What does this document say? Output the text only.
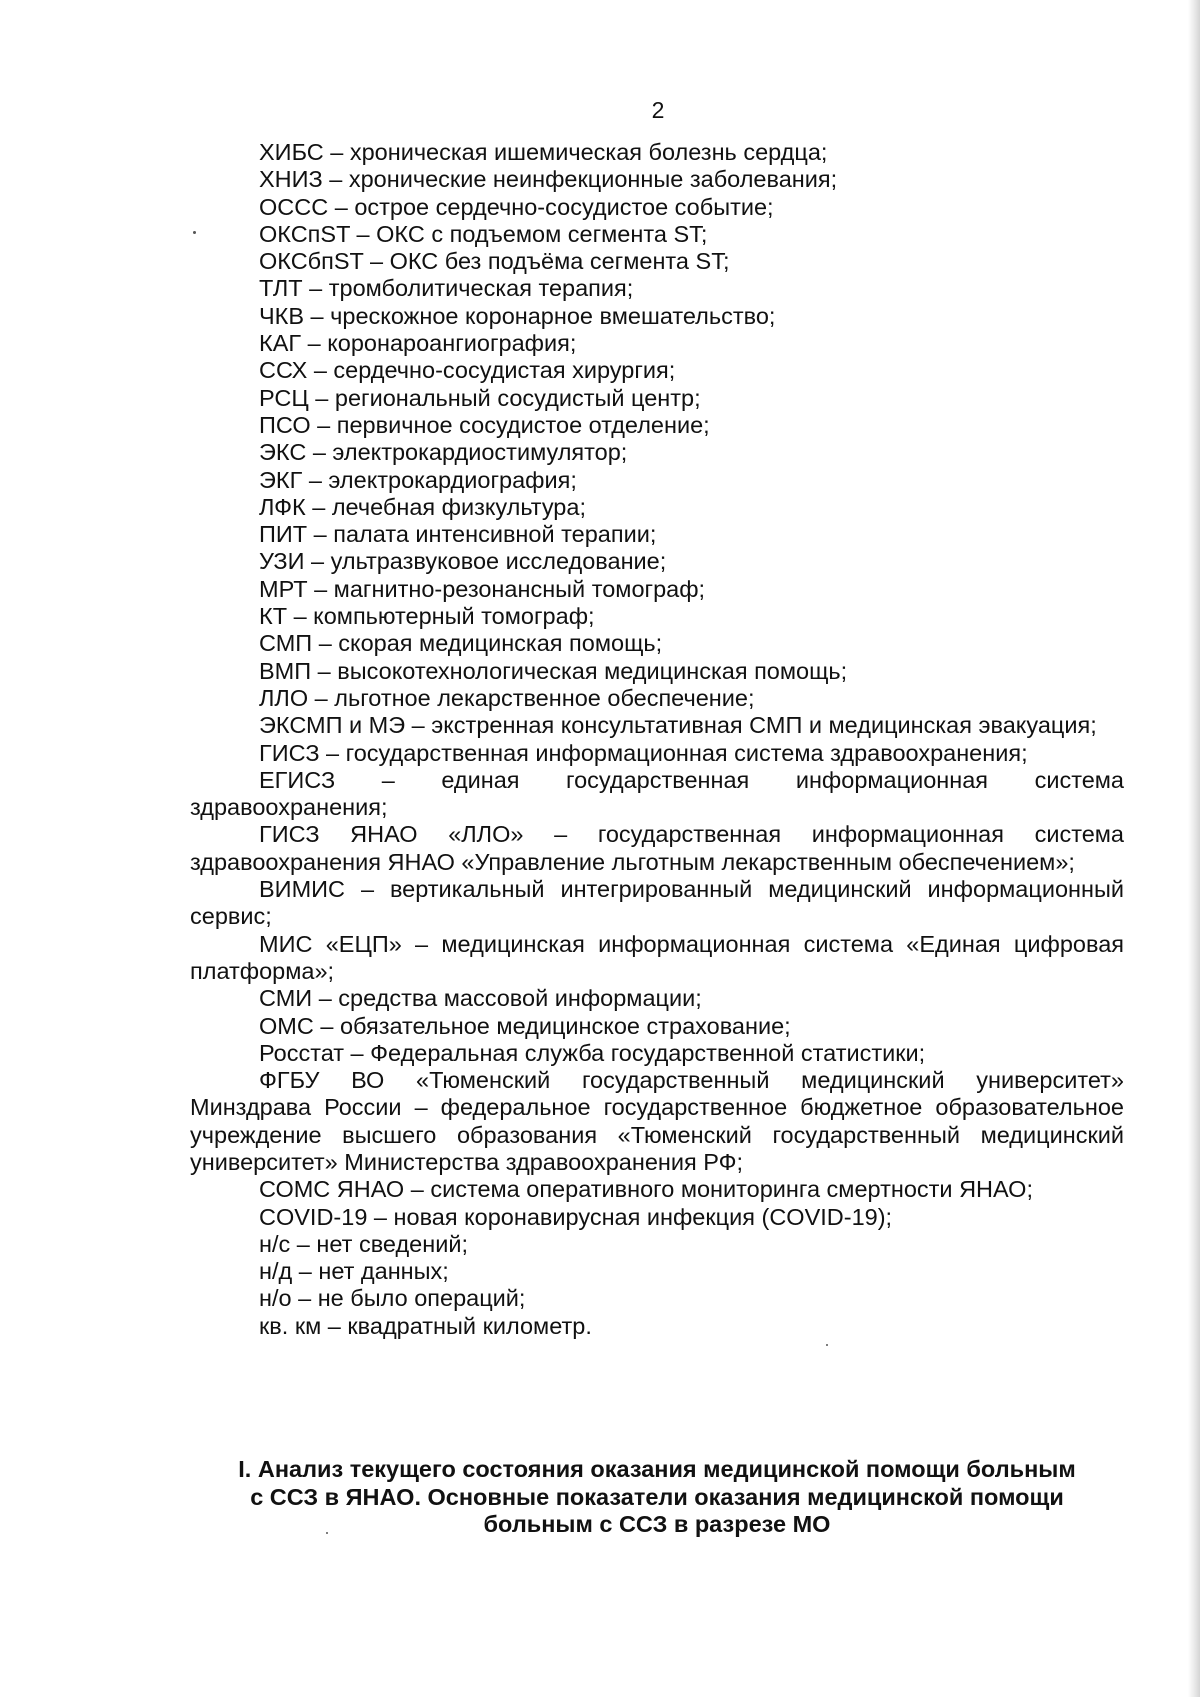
2

ХИБС – хроническая ишемическая болезнь сердца;

ХНИЗ – хронические неинфекционные заболевания;

ОССС – острое сердечно-сосудистое событие;

ОКСпST – ОКС с подъемом сегмента ST;

ОКСбпST – ОКС без подъёма сегмента ST;

ТЛТ – тромболитическая терапия;

ЧКВ – чрескожное коронарное вмешательство;

КАГ – коронароангиография;

ССХ – сердечно-сосудистая хирургия;

РСЦ – региональный сосудистый центр;

ПСО – первичное сосудистое отделение;

ЭКС – электрокардиостимулятор;

ЭКГ – электрокардиография;

ЛФК – лечебная физкультура;

ПИТ – палата интенсивной терапии;

УЗИ – ультразвуковое исследование;

МРТ – магнитно-резонансный томограф;

КТ – компьютерный томограф;

СМП – скорая медицинская помощь;

ВМП – высокотехнологическая медицинская помощь;

ЛЛО – льготное лекарственное обеспечение;

ЭКСМП и МЭ – экстренная консультативная СМП и медицинская эвакуация;

ГИСЗ – государственная информационная система здравоохранения;

ЕГИСЗ – единая государственная информационная система здравоохранения;

ГИСЗ ЯНАО «ЛЛО» – государственная информационная система здравоохранения ЯНАО «Управление льготным лекарственным обеспечением»;

ВИМИС – вертикальный интегрированный медицинский информационный сервис;

МИС «ЕЦП» – медицинская информационная система «Единая цифровая платформа»;

СМИ – средства массовой информации;

ОМС – обязательное медицинское страхование;

Росстат – Федеральная служба государственной статистики;

ФГБУ ВО «Тюменский государственный медицинский университет» Минздрава России – федеральное государственное бюджетное образовательное учреждение высшего образования «Тюменский государственный медицинский университет» Министерства здравоохранения РФ;

СОМС ЯНАО – система оперативного мониторинга смертности ЯНАО;

COVID-19 – новая коронавирусная инфекция (COVID-19);

н/с – нет сведений;

н/д – нет данных;

н/о – не было операций;

кв. км – квадратный километр.

I. Анализ текущего состояния оказания медицинской помощи больным
с ССЗ в ЯНАО. Основные показатели оказания медицинской помощи
больным с ССЗ в разрезе МО
